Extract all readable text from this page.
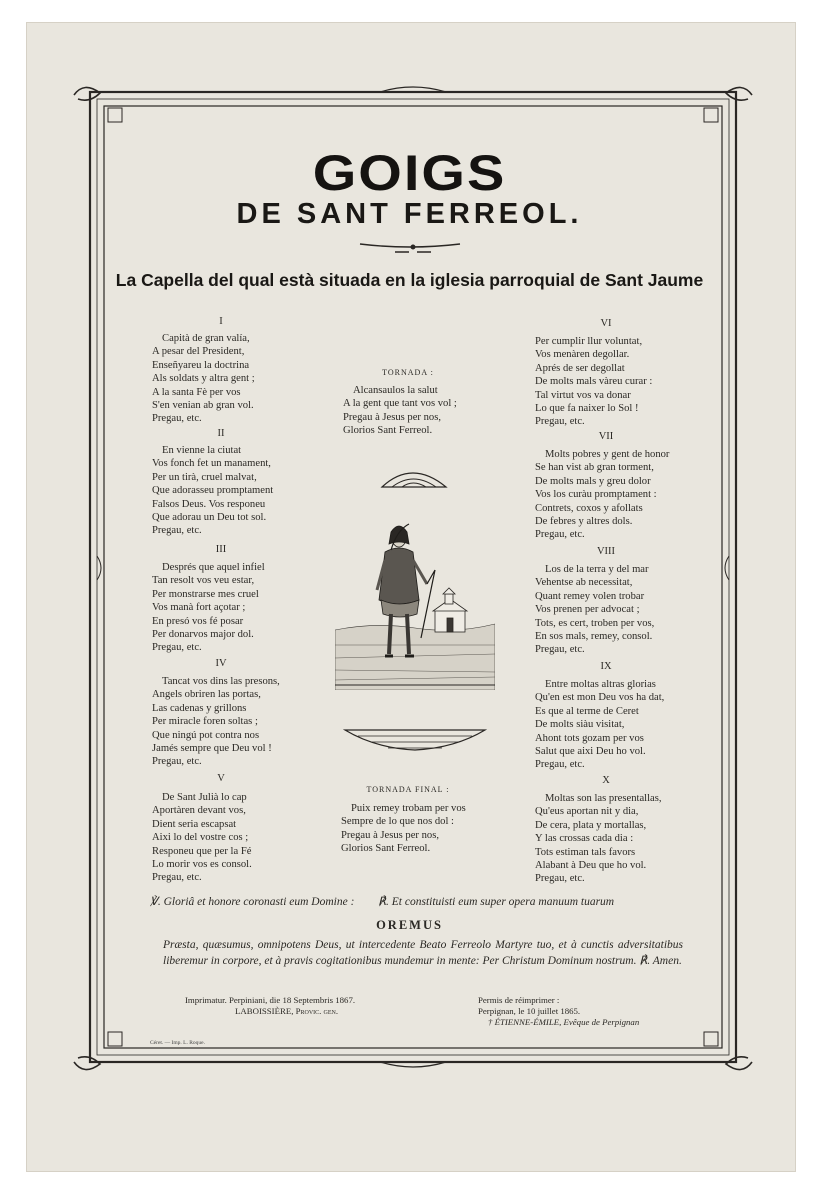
GOIGS
DE SANT FERREOL.
La Capella del qual està situada en la iglesia parroquial de Sant Jaume
I
Capità de gran valía,
A pesar del President,
Enseñyareu la doctrina
Als soldats y altra gent ;
A la santa Fè per vos
S'en venian ab gran vol.
Pregau, etc.
II
En vienne la ciutat
Vos fonch fet un manament,
Per un tirà, cruel malvat,
Que adorasseu promptament
Falsos Deus. Vos responeu
Que adorau un Deu tot sol.
Pregau, etc.
III
Després que aquel infiel
Tan resolt vos veu estar,
Per monstrarse mes cruel
Vos manà fort açotar ;
En presó vos fé posar
Per donarvos major dol.
Pregau, etc.
IV
Tancat vos dins las presons,
Angels obriren las portas,
Las cadenas y grillons
Per miracle foren soltas ;
Que ningú pot contra nos
Jamés sempre que Deu vol !
Pregau, etc.
V
De Sant Julià lo cap
Aportàren devant vos,
Dient seria escapsat
Aixi lo del vostre cos ;
Responeu que per la Fé
Lo morir vos es consol.
Pregau, etc.
TORNADA :
Alcansaulos la salut
A la gent que tant vos vol ;
Pregau à Jesus per nos,
Glorios Sant Ferreol.
TORNADA FINAL :
Puix remey trobam per vos
Sempre de lo que nos dol :
Pregau à Jesus per nos,
Glorios Sant Ferreol.
VI
Per cumplir llur voluntat,
Vos menàren degollar.
Aprés de ser degollat
De molts mals vàreu curar :
Tal virtut vos va donar
Lo que fa naixer lo Sol !
Pregau, etc.
VII
Molts pobres y gent de honor
Se han vist ab gran torment,
De molts mals y greu dolor
Vos los curàu promptament :
Contrets, coxos y afollats
De febres y altres dols.
Pregau, etc.
VIII
Los de la terra y del mar
Vehentse ab necessitat,
Quant remey volen trobar
Vos prenen per advocat ;
Tots, es cert, troben per vos,
En sos mals, remey, consol.
Pregau, etc.
IX
Entre moltas altras glorias
Qu'en est mon Deu vos ha dat,
Es que al terme de Ceret
De molts siàu visitat,
Ahont tots gozam per vos
Salut que aixi Deu ho vol.
Pregau, etc.
X
Moltas son las presentallas,
Qu'eus aportan nit y dia,
De cera, plata y mortallas,
Y las crossas cada dia :
Tots estiman tals favors
Alabant à Deu que ho vol.
Pregau, etc.
℣. Gloriâ et honore coronasti eum Domine : ℟. Et constituisti eum super opera manuum tuarum
OREMUS
Præsta, quæsumus, omnipotens Deus, ut intercedente Beato Ferreolo Martyre tuo, et à cunctis adversitatibus liberemur in corpore, et à pravis cogitationibus mundemur in mente: Per Christum Dominum nostrum. ℟. Amen.
Imprimatur. Perpiniani, die 18 Septembris 1867.
LABOISSIÈRE, Provic. gen.
Permis de réimprimer :
Perpignan, le 10 juillet 1865.
† ÉTIENNE-ÉMILE, Evêque de Perpignan
Céret. — Imp. L. Roque.
